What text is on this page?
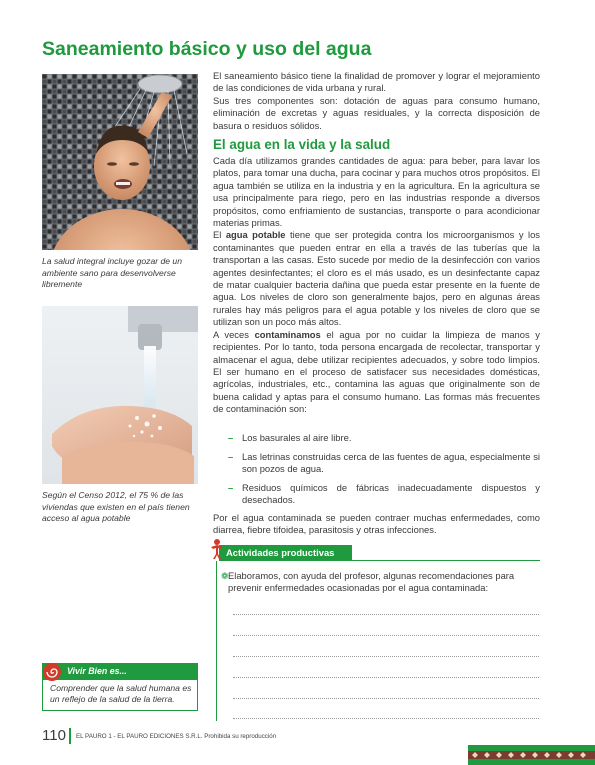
Saneamiento básico y uso del agua
La salud integral incluye gozar de un ambiente sano para desenvolverse libremente
Según el Censo 2012, el 75 % de las viviendas que existen en el país tienen acceso al agua potable

El saneamiento básico tiene la finalidad de promover y lograr el mejoramiento de las condiciones de vida urbana y rural.

Sus tres componentes son: dotación de aguas para consumo humano, eliminación de excretas y aguas residuales, y la correcta disposición de basura o residuos sólidos.

El agua en la vida y la salud

Cada día utilizamos grandes cantidades de agua: para beber, para lavar los platos, para tomar una ducha, para cocinar y para muchos otros propósitos. El agua también se utiliza en la industria y en la agricultura. En la agricultura se usa principalmente para riego, pero en las industrias responde a diversos propósitos, como enfriamiento de sustancias, transporte o para acondicionar materias primas.

El agua potable tiene que ser protegida contra los microorganismos y los contaminantes que pueden entrar en ella a través de las tuberías que la transportan a las casas. Esto sucede por medio de la desinfección con varios agentes desinfectantes; el cloro es el más usado, es un desinfectante capaz de matar cualquier bacteria dañina que pueda estar presente en la fuente de agua. Los niveles de cloro son generalmente bajos, pero en algunas áreas rurales hay más peligros para el agua potable y los niveles de cloro que se utilizan son un poco más altos.

A veces contaminamos el agua por no cuidar la limpieza de manos y recipientes. Por lo tanto, toda persona encargada de recolectar, transportar y almacenar el agua, debe utilizar recipientes adecuados, y sobre todo limpios. El ser humano en el proceso de satisfacer sus necesidades domésticas, agrícolas, industriales, etc., contamina las aguas que originalmente son de buena calidad y aptas para el consumo humano. Las formas más frecuentes de contaminación son:

– Los basurales al aire libre.
– Las letrinas construidas cerca de las fuentes de agua, especialmente si son pozos de agua.
– Residuos químicos de fábricas inadecuadamente dispuestos y desechados.

Por el agua contaminada se pueden contraer muchas enfermedades, como diarrea, fiebre tifoidea, parasitosis y otras infecciones.

Actividades productivas
❁ Elaboramos, con ayuda del profesor, algunas recomendaciones para prevenir enfermedades ocasionadas por el agua contaminada:
Vivir Bien es...
Comprender que la salud humana es un reflejo de la salud de la tierra.
110 EL PAURO 1 - EL PAURO EDICIONES S.R.L. Prohibida su reproducción
